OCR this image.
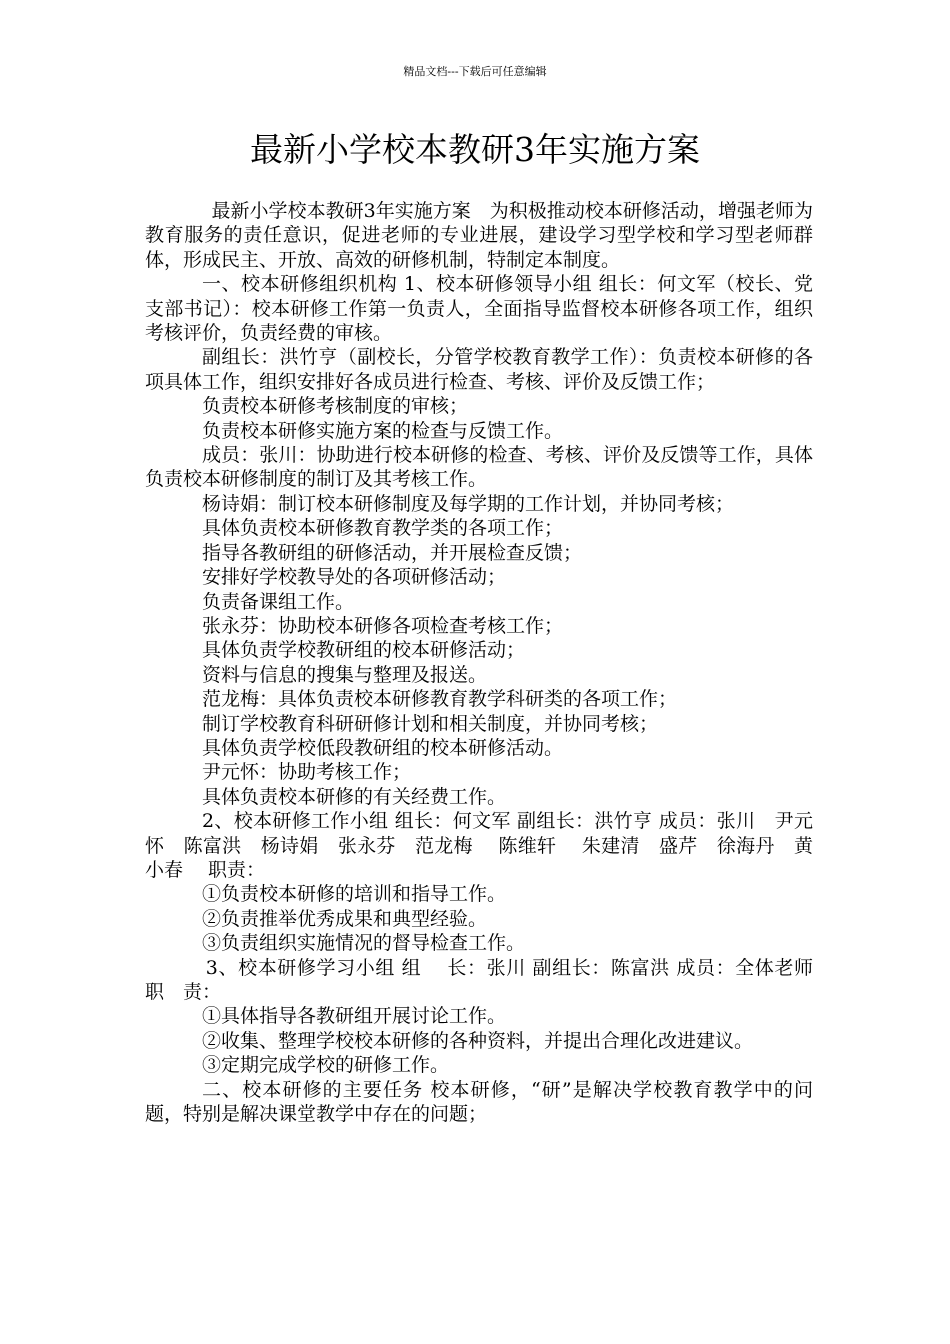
精品文档---下载后可任意编辑
最新小学校本教研3年实施方案

最新小学校本教研3年实施方案　为积极推动校本研修活动，增强老师为教育服务的责任意识，促进老师的专业进展，建设学习型学校和学习型老师群体，形成民主、开放、高效的研修机制，特制定本制度。

一、校本研修组织机构 1、校本研修领导小组 组长：何文军（校长、党支部书记）：校本研修工作第一负责人，全面指导监督校本研修各项工作，组织考核评价，负责经费的审核。

副组长：洪竹亨（副校长，分管学校教育教学工作）：负责校本研修的各项具体工作，组织安排好各成员进行检查、考核、评价及反馈工作；

负责校本研修考核制度的审核；

负责校本研修实施方案的检查与反馈工作。

成员：张川：协助进行校本研修的检查、考核、评价及反馈等工作，具体负责校本研修制度的制订及其考核工作。

杨诗娟：制订校本研修制度及每学期的工作计划，并协同考核；

具体负责校本研修教育教学类的各项工作；

指导各教研组的研修活动，并开展检查反馈；

安排好学校教导处的各项研修活动；

负责备课组工作。

张永芬：协助校本研修各项检查考核工作；

具体负责学校教研组的校本研修活动；

资料与信息的搜集与整理及报送。

范龙梅：具体负责校本研修教育教学科研类的各项工作；

制订学校教育科研研修计划和相关制度，并协同考核；

具体负责学校低段教研组的校本研修活动。

尹元怀：协助考核工作；

具体负责校本研修的有关经费工作。

2、校本研修工作小组 组长：何文军 副组长：洪竹亨 成员：张川　尹元怀　陈富洪　杨诗娟　张永芬　范龙梅　 陈维轩　 朱建清　盛芹　徐海丹　黄小春　 职责：

①负责校本研修的培训和指导工作。

②负责推举优秀成果和典型经验。

③负责组织实施情况的督导检查工作。

3、校本研修学习小组 组　 长：张川 副组长：陈富洪 成员：全体老师　　 职　责：

①具体指导各教研组开展讨论工作。

②收集、整理学校校本研修的各种资料，并提出合理化改进建议。

③定期完成学校的研修工作。

二、校本研修的主要任务 校本研修，“研”是解决学校教育教学中的问题，特别是解决课堂教学中存在的问题；
